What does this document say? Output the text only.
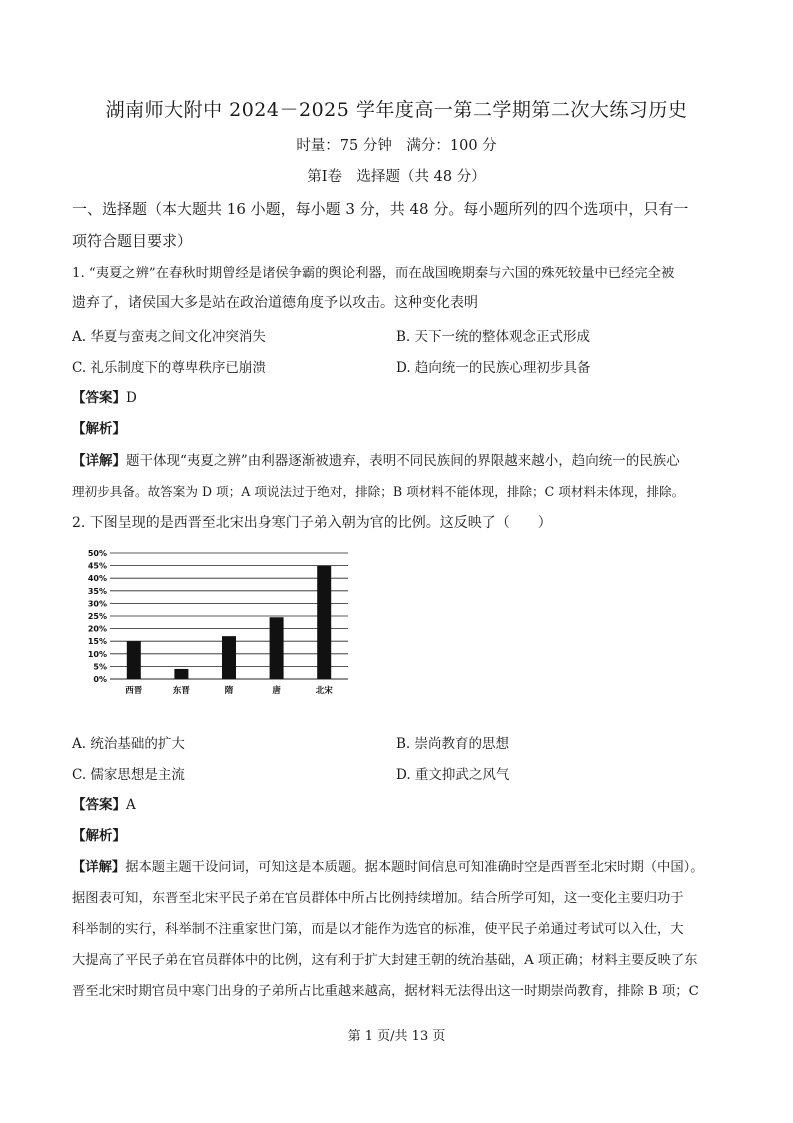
湖南师大附中 2024－2025 学年度高一第二学期第二次大练习历史
时量：75 分钟　满分：100 分
第Ⅰ卷　选择题（共 48 分）
一、选择题（本大题共 16 小题，每小题 3 分，共 48 分。每小题所列的四个选项中，只有一
项符合题目要求）
1. “夷夏之辨”在春秋时期曾经是诸侯争霸的舆论利器，而在战国晚期秦与六国的殊死较量中已经完全被
遗弃了，诸侯国大多是站在政治道德角度予以攻击。这种变化表明
A. 华夏与蛮夷之间文化冲突消失	B. 天下一统的整体观念正式形成
C. 礼乐制度下的尊卑秩序已崩溃	D. 趋向统一的民族心理初步具备
【答案】D
【解析】
【详解】题干体现“夷夏之辨”由利器逐渐被遗弃，表明不同民族间的界限越来越小，趋向统一的民族心
理初步具备。故答案为 D 项；A 项说法过于绝对，排除；B 项材料不能体现，排除；C 项材料未体现，排除。
2. 下图呈现的是西晋至北宋出身寒门子弟入朝为官的比例。这反映了（　　）
0%
5%
10%
15%
20%
25%
30%
35%
40%
45%
50%
西晋	东晋	隋	唐	北宋
A. 统治基础的扩大	B. 崇尚教育的思想
C. 儒家思想是主流	D. 重文抑武之风气
【答案】A
【解析】
【详解】据本题主题干设问词，可知这是本质题。据本题时间信息可知准确时空是西晋至北宋时期（中国）。
据图表可知，东晋至北宋平民子弟在官员群体中所占比例持续增加。结合所学可知，这一变化主要归功于
科举制的实行，科举制不注重家世门第，而是以才能作为选官的标准，使平民子弟通过考试可以入仕，大
大提高了平民子弟在官员群体中的比例，这有利于扩大封建王朝的统治基础，A 项正确；材料主要反映了东
晋至北宋时期官员中寒门出身的子弟所占比重越来越高，据材料无法得出这一时期崇尚教育，排除 B 项；C
第 1 页/共 13 页
